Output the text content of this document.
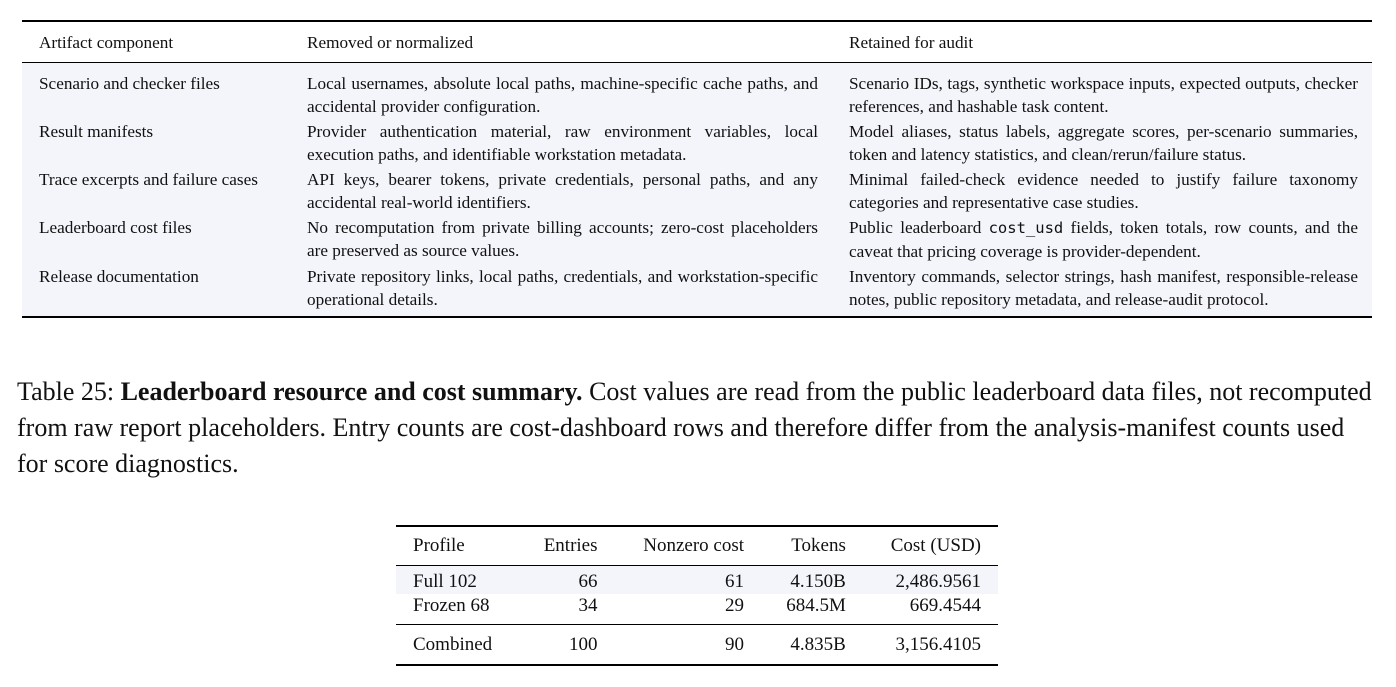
Artifact component	Removed or normalized	Retained for audit
Scenario and checker files	Local usernames, absolute local paths, machine-specific cache paths, and accidental provider configuration.	Scenario IDs, tags, synthetic workspace inputs, expected outputs, checker references, and hashable task content.
Result manifests	Provider authentication material, raw environment variables, local execution paths, and identifiable workstation metadata.	Model aliases, status labels, aggregate scores, per-scenario summaries, token and latency statistics, and clean/rerun/failure status.
Trace excerpts and failure cases	API keys, bearer tokens, private credentials, personal paths, and any accidental real-world identifiers.	Minimal failed-check evidence needed to justify failure taxonomy categories and representative case studies.
Leaderboard cost files	No recomputation from private billing accounts; zero-cost placeholders are preserved as source values.	Public leaderboard cost_usd fields, token totals, row counts, and the caveat that pricing coverage is provider-dependent.
Release documentation	Private repository links, local paths, credentials, and workstation-specific operational details.	Inventory commands, selector strings, hash manifest, responsible-release notes, public repository metadata, and release-audit protocol.

Table 25: Leaderboard resource and cost summary. Cost values are read from the public leaderboard data files, not recomputed from raw report placeholders. Entry counts are cost-dashboard rows and therefore differ from the analysis-manifest counts used for score diagnostics.

Profile	Entries	Nonzero cost	Tokens	Cost (USD)
Full 102	66	61	4.150B	2,486.9561
Frozen 68	34	29	684.5M	669.4544
Combined	100	90	4.835B	3,156.4105
